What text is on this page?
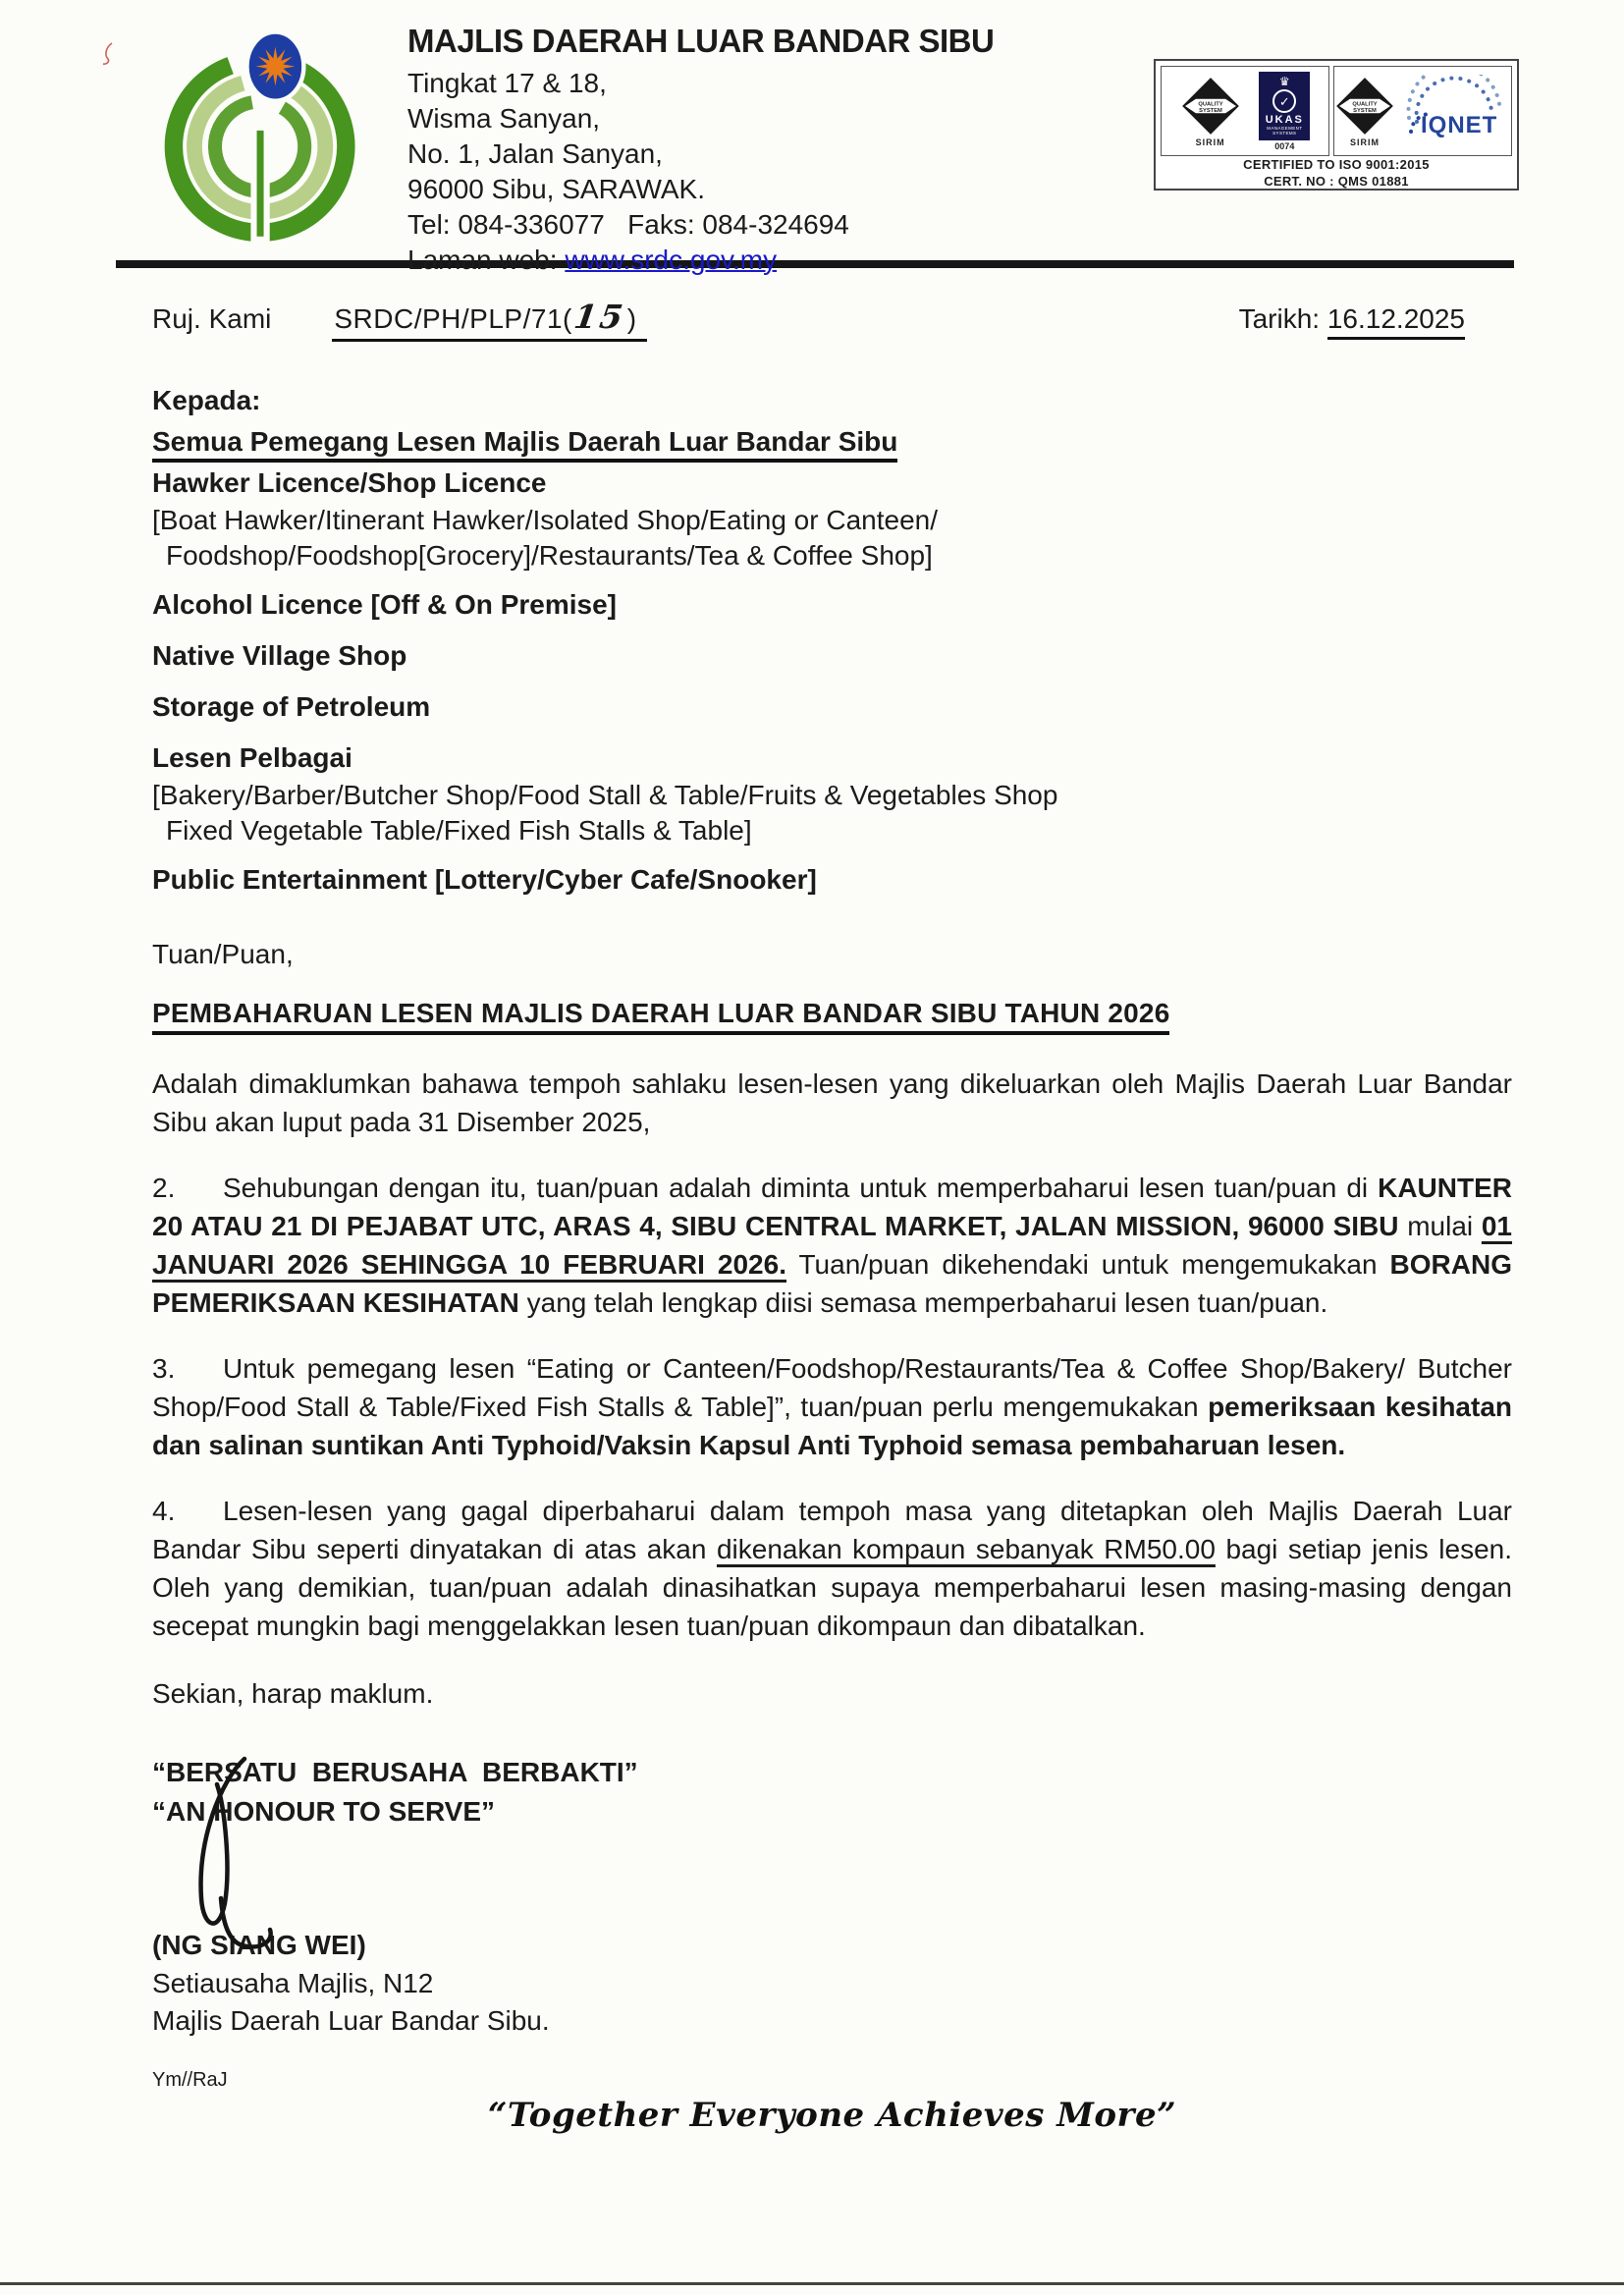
QUALITY
SYSTEM
SIRIM
♛
✓
UKAS
MANAGEMENT SYSTEMS
0074
QUALITY
SYSTEM
SIRIM
IQNET
CERTIFIED TO ISO 9001:2015
CERT. NO : QMS 01881
MAJLIS DAERAH LUAR BANDAR SIBU
Tingkat 17 & 18,
Wisma Sanyan,
No. 1, Jalan Sanyan,
96000 Sibu, SARAWAK.
Tel: 084-336077   Faks: 084-324694
Laman web: www.srdc.gov.my
Ruj. Kami SRDC/PH/PLP/71(15)	Tarikh: 16.12.2025
Kepada:
Semua Pemegang Lesen Majlis Daerah Luar Bandar Sibu
Hawker Licence/Shop Licence
[Boat Hawker/Itinerant Hawker/Isolated Shop/Eating or Canteen/
Foodshop/Foodshop[Grocery]/Restaurants/Tea & Coffee Shop]
Alcohol Licence [Off & On Premise]
Native Village Shop
Storage of Petroleum
Lesen Pelbagai
[Bakery/Barber/Butcher Shop/Food Stall & Table/Fruits & Vegetables Shop
Fixed Vegetable Table/Fixed Fish Stalls & Table]
Public Entertainment [Lottery/Cyber Cafe/Snooker]
Tuan/Puan,
PEMBAHARUAN LESEN MAJLIS DAERAH LUAR BANDAR SIBU TAHUN 2026

Adalah dimaklumkan bahawa tempoh sahlaku lesen-lesen yang dikeluarkan oleh Majlis Daerah Luar Bandar Sibu akan luput pada 31 Disember 2025,

2. Sehubungan dengan itu, tuan/puan adalah diminta untuk memperbaharui lesen tuan/puan di KAUNTER 20 ATAU 21 DI PEJABAT UTC, ARAS 4, SIBU CENTRAL MARKET, JALAN MISSION, 96000 SIBU mulai 01 JANUARI 2026 SEHINGGA 10 FEBRUARI 2026. Tuan/puan dikehendaki untuk mengemukakan BORANG PEMERIKSAAN KESIHATAN yang telah lengkap diisi semasa memperbaharui lesen tuan/puan.

3. Untuk pemegang lesen “Eating or Canteen/Foodshop/Restaurants/Tea & Coffee Shop/Bakery/ Butcher Shop/Food Stall & Table/Fixed Fish Stalls & Table]”, tuan/puan perlu mengemukakan pemeriksaan kesihatan dan salinan suntikan Anti Typhoid/Vaksin Kapsul Anti Typhoid semasa pembaharuan lesen.

4. Lesen-lesen yang gagal diperbaharui dalam tempoh masa yang ditetapkan oleh Majlis Daerah Luar Bandar Sibu seperti dinyatakan di atas akan dikenakan kompaun sebanyak RM50.00 bagi setiap jenis lesen. Oleh yang demikian, tuan/puan adalah dinasihatkan supaya memperbaharui lesen masing-masing dengan secepat mungkin bagi menggelakkan lesen tuan/puan dikompaun dan dibatalkan.

Sekian, harap maklum.
“BERSATU  BERUSAHA  BERBAKTI”
“AN HONOUR TO SERVE”
(NG SIANG WEI)
Setiausaha Majlis, N12
Majlis Daerah Luar Bandar Sibu.
Ym//RaJ
“Together Everyone Achieves More”
